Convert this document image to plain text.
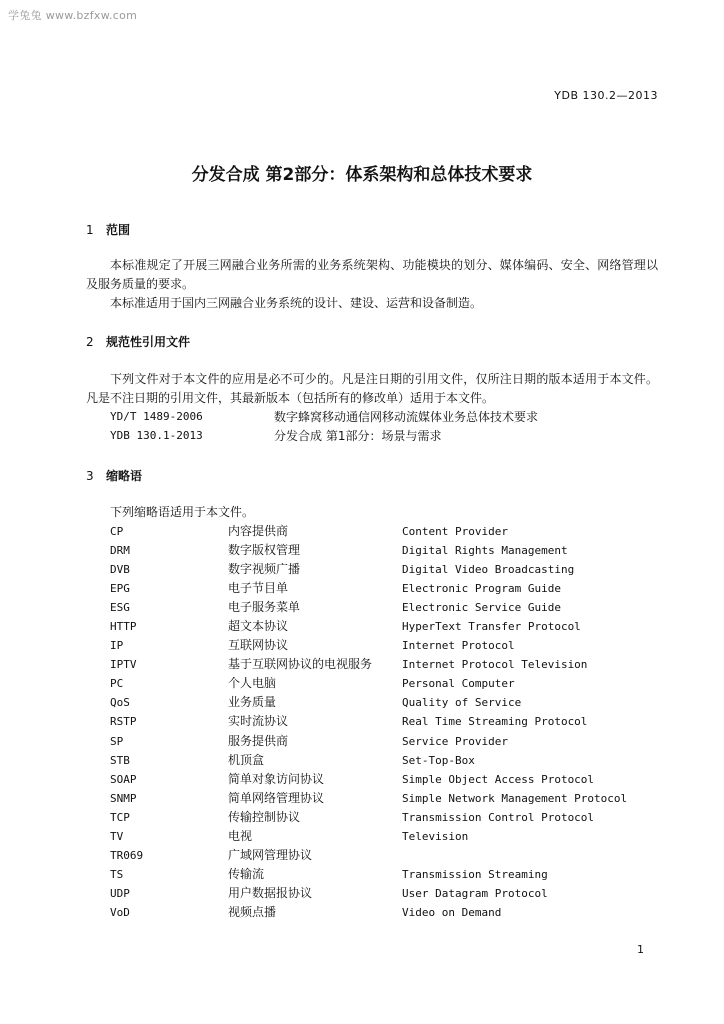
学兔兔 www.bzfxw.com
YDB 130.2—2013
分发合成 第2部分：体系架构和总体技术要求
1 范围
本标准规定了开展三网融合业务所需的业务系统架构、功能模块的划分、媒体编码、安全、网络管理以及服务质量的要求。
本标准适用于国内三网融合业务系统的设计、建设、运营和设备制造。
2 规范性引用文件
下列文件对于本文件的应用是必不可少的。凡是注日期的引用文件，仅所注日期的版本适用于本文件。凡是不注日期的引用文件，其最新版本（包括所有的修改单）适用于本文件。
YD/T 1489-2006	数字蜂窝移动通信网移动流媒体业务总体技术要求
YDB 130.1-2013	分发合成 第1部分：场景与需求
3 缩略语
下列缩略语适用于本文件。
CP	内容提供商	Content Provider
DRM	数字版权管理	Digital Rights Management
DVB	数字视频广播	Digital Video Broadcasting
EPG	电子节目单	Electronic Program Guide
ESG	电子服务菜单	Electronic Service Guide
HTTP	超文本协议	HyperText Transfer Protocol
IP	互联网协议	Internet Protocol
IPTV	基于互联网协议的电视服务	Internet Protocol Television
PC	个人电脑	Personal Computer
QoS	业务质量	Quality of Service
RSTP	实时流协议	Real Time Streaming Protocol
SP	服务提供商	Service Provider
STB	机顶盒	Set-Top-Box
SOAP	简单对象访问协议	Simple Object Access Protocol
SNMP	简单网络管理协议	Simple Network Management Protocol
TCP	传输控制协议	Transmission Control Protocol
TV	电视	Television
TR069	广域网管理协议
TS	传输流	Transmission Streaming
UDP	用户数据报协议	User Datagram Protocol
VoD	视频点播	Video on Demand
1
